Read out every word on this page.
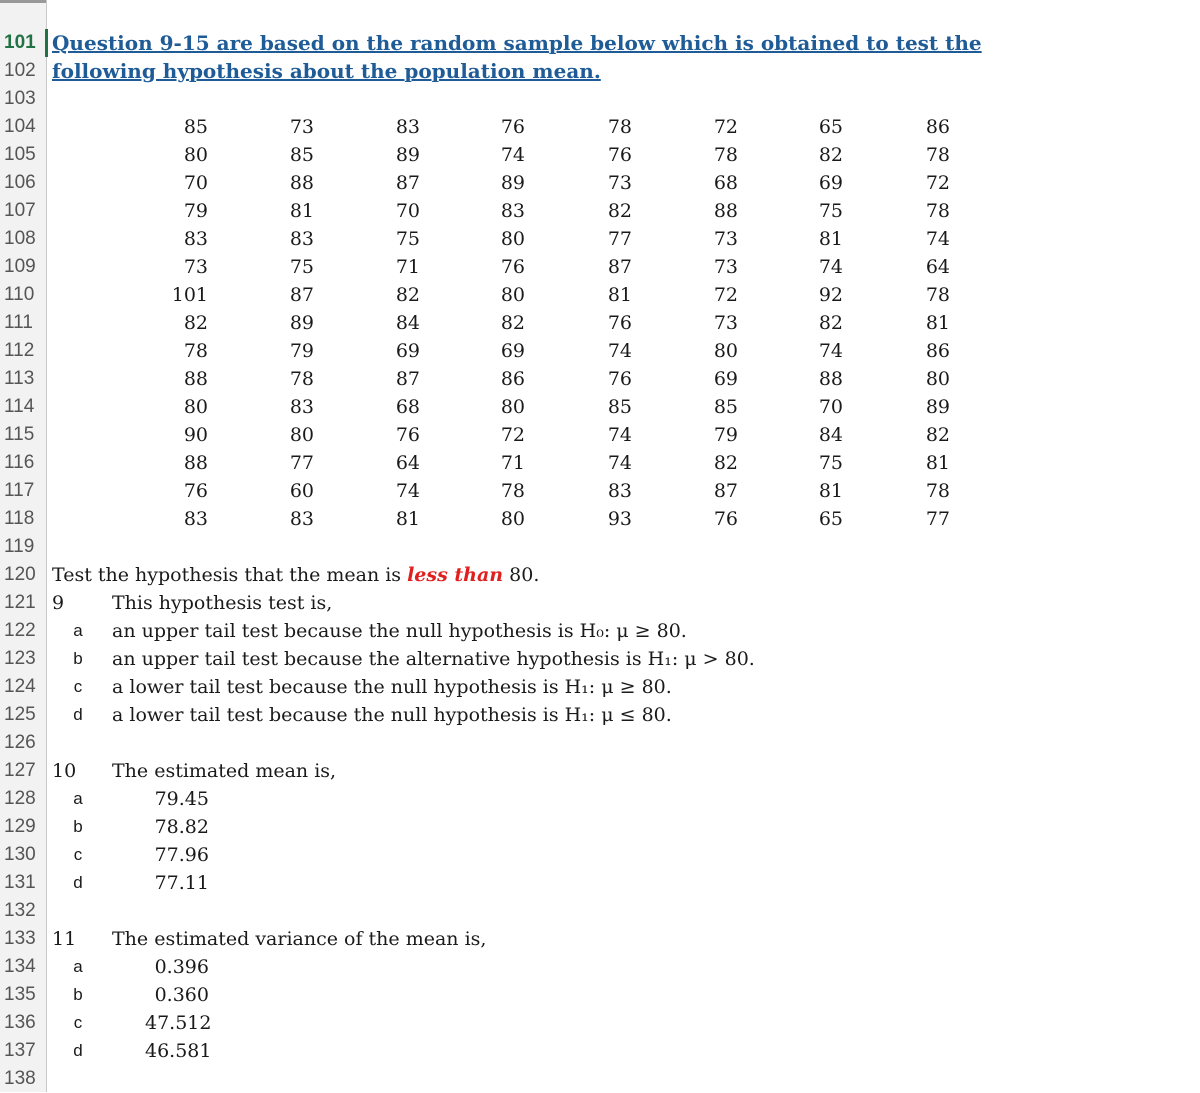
101 Question 9-15 are based on the random sample below which is obtained to test the
102 following hypothesis about the population mean.
103
104	85	73	83	76	78	72	65	86
105	80	85	89	74	76	78	82	78
106	70	88	87	89	73	68	69	72
107	79	81	70	83	82	88	75	78
108	83	83	75	80	77	73	81	74
109	73	75	71	76	87	73	74	64
110	101	87	82	80	81	72	92	78
111	82	89	84	82	76	73	82	81
112	78	79	69	69	74	80	74	86
113	88	78	87	86	76	69	88	80
114	80	83	68	80	85	85	70	89
115	90	80	76	72	74	79	84	82
116	88	77	64	71	74	82	75	81
117	76	60	74	78	83	87	81	78
118	83	83	81	80	93	76	65	77
119
120 Test the hypothesis that the mean is less than 80.
121 9	This hypothesis test is,
122	a an upper tail test because the null hypothesis is H₀: μ ≥ 80.
123	b an upper tail test because the alternative hypothesis is H₁: μ > 80.
124	c	a lower tail test because the null hypothesis is H₁: μ ≥ 80.
125	d a lower tail test because the null hypothesis is H₁: μ ≤ 80.
126
127 10 The estimated mean is,
128	a	79.45
129	b	78.82
130	c	77.96
131	d	77.11
132
133 11 The estimated variance of the mean is,
134	a	0.396
135	b	0.360
136	c	47.512
137	d	46.581
138
